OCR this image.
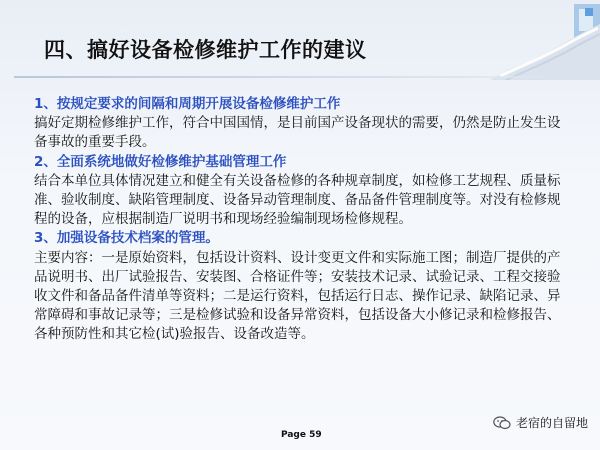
四、搞好设备检修维护工作的建议

1、按规定要求的间隔和周期开展设备检修维护工作

搞好定期检修维护工作，符合中国国情，是目前国产设备现状的需要，仍然是防止发生设备事故的重要手段。

2、全面系统地做好检修维护基础管理工作

结合本单位具体情况建立和健全有关设备检修的各种规章制度，如检修工艺规程、质量标准、验收制度、缺陷管理制度、设备异动管理制度、备品备件管理制度等。对没有检修规程的设备，应根据制造厂说明书和现场经验编制现场检修规程。

3、加强设备技术档案的管理。

主要内容：一是原始资料，包括设计资料、设计变更文件和实际施工图；制造厂提供的产品说明书、出厂试验报告、安装图、合格证件等；安装技术记录、试验记录、工程交接验收文件和备品备件清单等资料；二是运行资料，包括运行日志、操作记录、缺陷记录、异常障碍和事故记录等；三是检修试验和设备异常资料，包括设备大小修记录和检修报告、各种预防性和其它检(试)验报告、设备改造等。

Page 59
老宿的自留地
